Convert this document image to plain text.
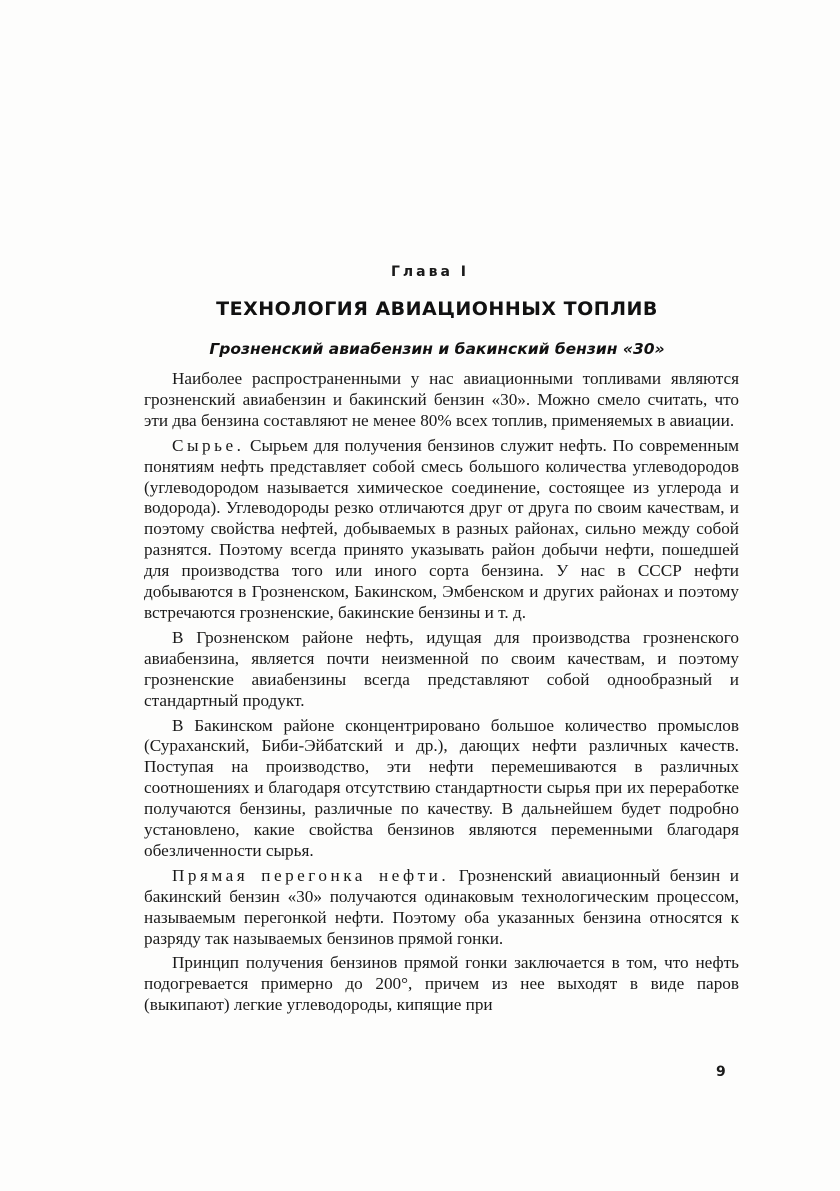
Глава I
ТЕХНОЛОГИЯ АВИАЦИОННЫХ ТОПЛИВ
Грозненский авиабензин и бакинский бензин «30»

Наиболее распространенными у нас авиационными топливами являются грозненский авиабензин и бакинский бензин «30». Можно смело считать, что эти два бензина составляют не менее 80% всех топлив, применяемых в авиации.

Сырье. Сырьем для получения бензинов служит нефть. По современным понятиям нефть представляет собой смесь большого количества углеводородов (углеводородом называется химическое соединение, состоящее из углерода и водорода). Углеводороды резко отличаются друг от друга по своим качествам, и поэтому свойства нефтей, добываемых в разных районах, сильно между собой разнятся. Поэтому всегда принято указывать район добычи нефти, пошедшей для производства того или иного сорта бензина. У нас в СССР нефти добываются в Грозненском, Бакинском, Эмбенском и других районах и поэтому встречаются грозненские, бакинские бензины и т. д.

В Грозненском районе нефть, идущая для производства грозненского авиабензина, является почти неизменной по своим качествам, и поэтому грозненские авиабензины всегда представляют собой однообразный и стандартный продукт.

В Бакинском районе сконцентрировано большое количество промыслов (Сураханский, Биби-Эйбатский и др.), дающих нефти различных качеств. Поступая на производство, эти нефти перемешиваются в различных соотношениях и благодаря отсутствию стандартности сырья при их переработке получаются бензины, различные по качеству. В дальнейшем будет подробно установлено, какие свойства бензинов являются переменными благодаря обезличенности сырья.

Прямая перегонка нефти. Грозненский авиационный бензин и бакинский бензин «30» получаются одинаковым технологическим процессом, называемым перегонкой нефти. Поэтому оба указанных бензина относятся к разряду так называемых бензинов прямой гонки.

Принцип получения бензинов прямой гонки заключается в том, что нефть подогревается примерно до 200°, причем из нее выходят в виде паров (выкипают) легкие углеводороды, кипящие при

9
